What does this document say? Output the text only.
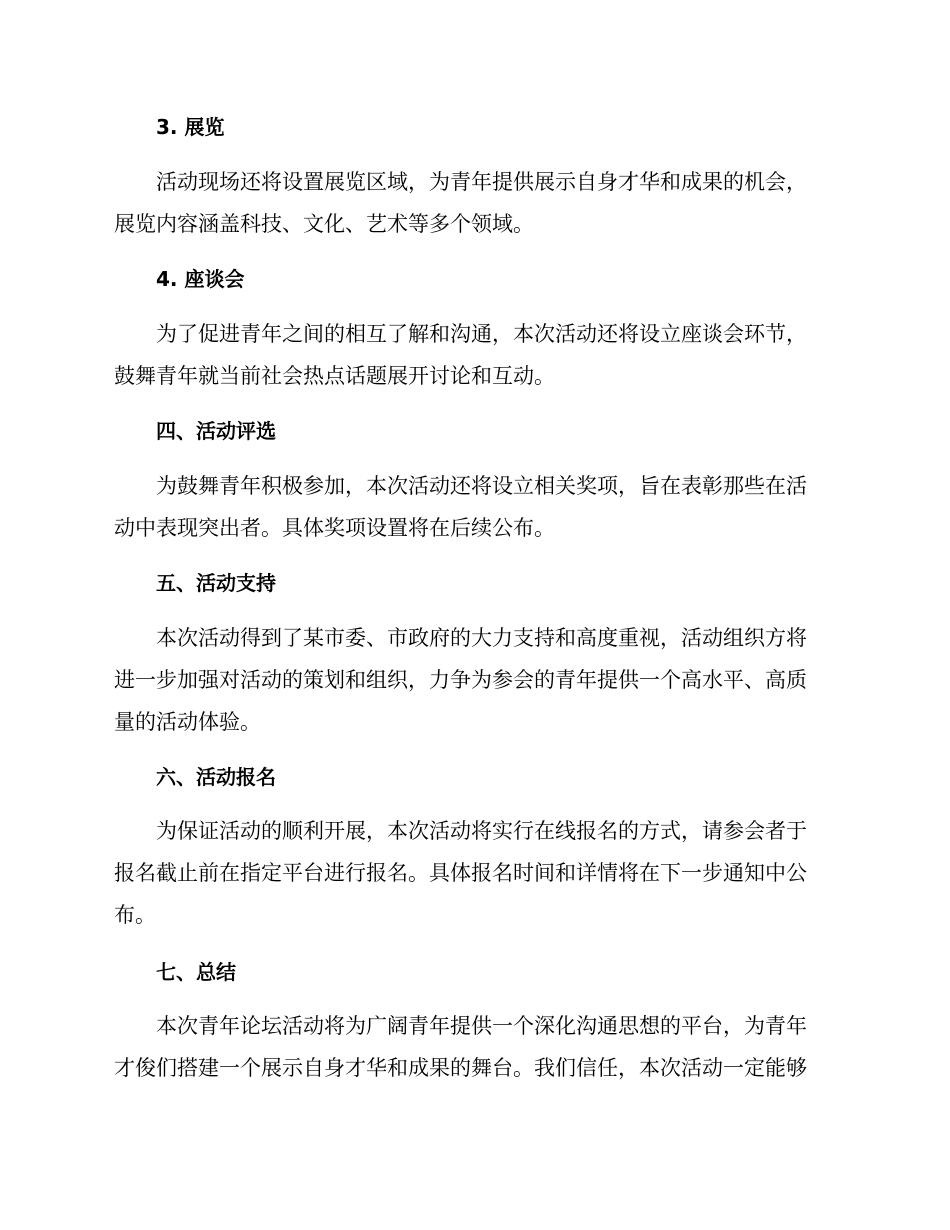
3. 展览
活动现场还将设置展览区域，为青年提供展示自身才华和成果的机会，
展览内容涵盖科技、文化、艺术等多个领域。
4. 座谈会
为了促进青年之间的相互了解和沟通，本次活动还将设立座谈会环节，
鼓舞青年就当前社会热点话题展开讨论和互动。
四、活动评选
为鼓舞青年积极参加，本次活动还将设立相关奖项，旨在表彰那些在活
动中表现突出者。具体奖项设置将在后续公布。
五、活动支持
本次活动得到了某市委、市政府的大力支持和高度重视，活动组织方将
进一步加强对活动的策划和组织，力争为参会的青年提供一个高水平、高质
量的活动体验。
六、活动报名
为保证活动的顺利开展，本次活动将实行在线报名的方式，请参会者于
报名截止前在指定平台进行报名。具体报名时间和详情将在下一步通知中公
布。
七、总结
本次青年论坛活动将为广阔青年提供一个深化沟通思想的平台，为青年
才俊们搭建一个展示自身才华和成果的舞台。我们信任，本次活动一定能够
